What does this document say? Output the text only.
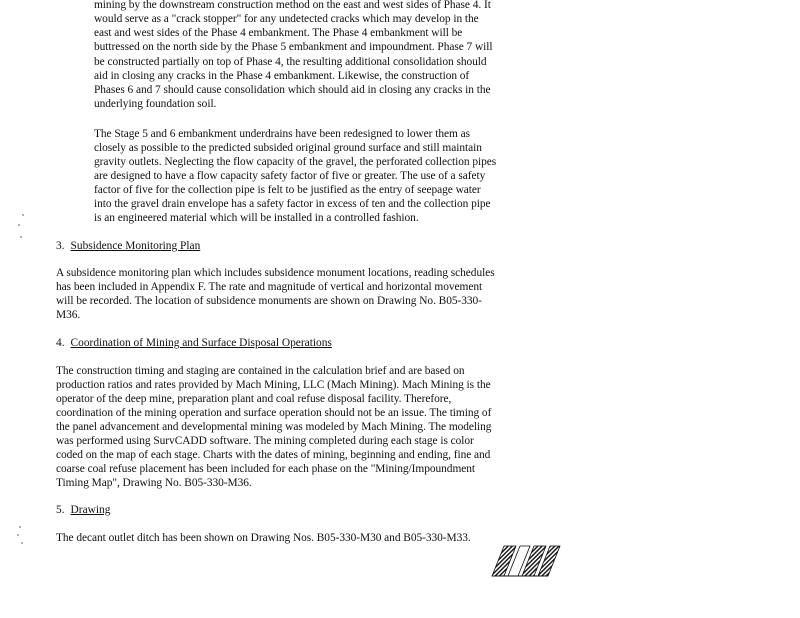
mining by the downstream construction method on the east and west sides of Phase 4. It
would serve as a "crack stopper" for any undetected cracks which may develop in the
east and west sides of the Phase 4 embankment. The Phase 4 embankment will be
buttressed on the north side by the Phase 5 embankment and impoundment. Phase 7 will
be constructed partially on top of Phase 4, the resulting additional consolidation should
aid in closing any cracks in the Phase 4 embankment. Likewise, the construction of
Phases 6 and 7 should cause consolidation which should aid in closing any cracks in the
underlying foundation soil.
The Stage 5 and 6 embankment underdrains have been redesigned to lower them as
closely as possible to the predicted subsided original ground surface and still maintain
gravity outlets. Neglecting the flow capacity of the gravel, the perforated collection pipes
are designed to have a flow capacity safety factor of five or greater. The use of a safety
factor of five for the collection pipe is felt to be justified as the entry of seepage water
into the gravel drain envelope has a safety factor in excess of ten and the collection pipe
is an engineered material which will be installed in a controlled fashion.
3. Subsidence Monitoring Plan
A subsidence monitoring plan which includes subsidence monument locations, reading schedules
has been included in Appendix F. The rate and magnitude of vertical and horizontal movement
will be recorded. The location of subsidence monuments are shown on Drawing No. B05-330-
M36.
4. Coordination of Mining and Surface Disposal Operations
The construction timing and staging are contained in the calculation brief and are based on
production ratios and rates provided by Mach Mining, LLC (Mach Mining). Mach Mining is the
operator of the deep mine, preparation plant and coal refuse disposal facility. Therefore,
coordination of the mining operation and surface operation should not be an issue. The timing of
the panel advancement and developmental mining was modeled by Mach Mining. The modeling
was performed using SurvCADD software. The mining completed during each stage is color
coded on the map of each stage. Charts with the dates of mining, beginning and ending, fine and
coarse coal refuse placement has been included for each phase on the "Mining/Impoundment
Timing Map", Drawing No. B05-330-M36.
5. Drawing
The decant outlet ditch has been shown on Drawing Nos. B05-330-M30 and B05-330-M33.
